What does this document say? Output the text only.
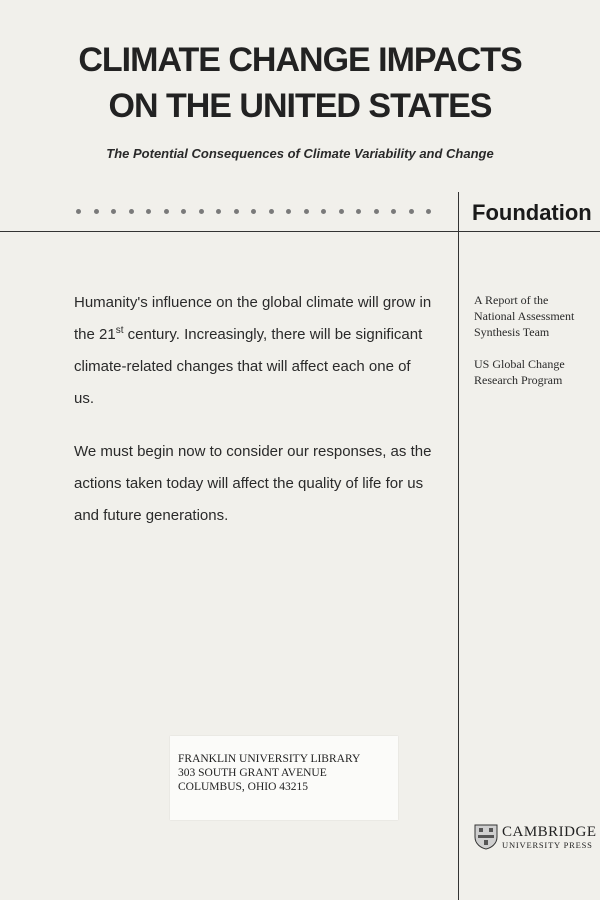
CLIMATE CHANGE IMPACTS
ON THE UNITED STATES
The Potential Consequences of Climate Variability and Change
Foundation

Humanity's influence on the global climate will grow in the 21st century. Increasingly, there will be significant climate-related changes that will affect each one of us.

We must begin now to consider our responses, as the actions taken today will affect the quality of life for us and future generations.

A Report of the
National Assessment
Synthesis Team
US Global Change
Research Program
FRANKLIN UNIVERSITY LIBRARY
303 SOUTH GRANT AVENUE
COLUMBUS, OHIO 43215
CAMBRIDGE
UNIVERSITY PRESS
